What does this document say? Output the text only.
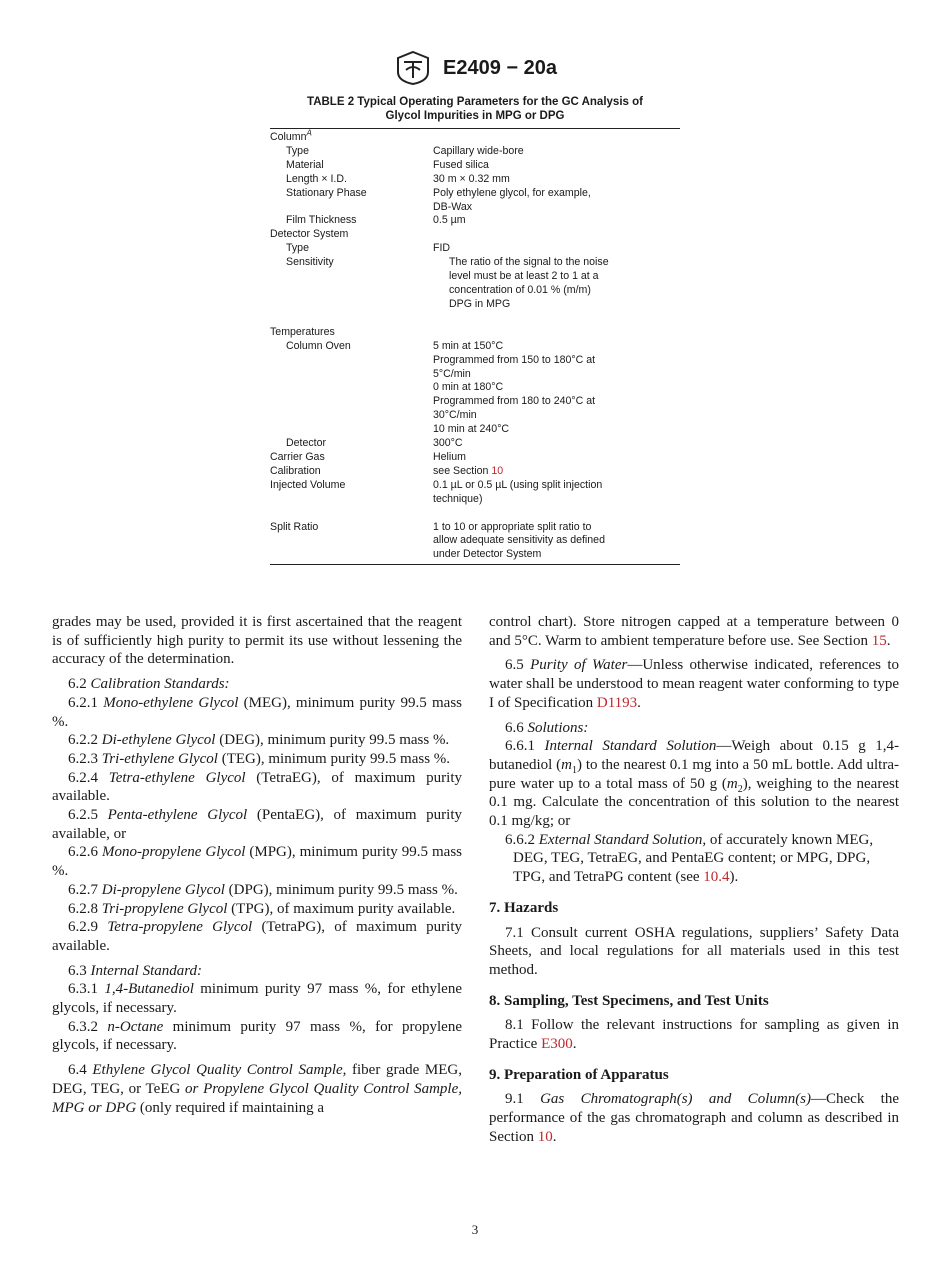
E2409 − 20a
TABLE 2 Typical Operating Parameters for the GC Analysis of
Glycol Impurities in MPG or DPG
Column$^A$
Type	Capillary wide-bore
Material	Fused silica
Length × I.D.	30 m × 0.32 mm
Stationary Phase	Poly ethylene glycol, for example,
DB-Wax
Film Thickness	0.5 µm
Detector System
Type	FID
Sensitivity	The ratio of the signal to the noise
level must be at least 2 to 1 at a
concentration of 0.01 % (m/m)
DPG in MPG
Temperatures
Column Oven	5 min at 150°C
Programmed from 150 to 180°C at
5°C/min
0 min at 180°C
Programmed from 180 to 240°C at
30°C/min
10 min at 240°C
Detector	300°C
Carrier Gas	Helium
Calibration	see Section 10
Injected Volume	0.1 µL or 0.5 µL (using split injection
technique)
Split Ratio	1 to 10 or appropriate split ratio to
allow adequate sensitivity as defined
under Detector System

grades may be used, provided it is first ascertained that the reagent is of sufficiently high purity to permit its use without lessening the accuracy of the determination.

6.2 Calibration Standards:

6.2.1 Mono-ethylene Glycol (MEG), minimum purity 99.5 mass %.

6.2.2 Di-ethylene Glycol (DEG), minimum purity 99.5 mass %.

6.2.3 Tri-ethylene Glycol (TEG), minimum purity 99.5 mass %.

6.2.4 Tetra-ethylene Glycol (TetraEG), of maximum purity available.

6.2.5 Penta-ethylene Glycol (PentaEG), of maximum purity available, or

6.2.6 Mono-propylene Glycol (MPG), minimum purity 99.5 mass %.

6.2.7 Di-propylene Glycol (DPG), minimum purity 99.5 mass %.

6.2.8 Tri-propylene Glycol (TPG), of maximum purity available.

6.2.9 Tetra-propylene Glycol (TetraPG), of maximum purity available.

6.3 Internal Standard:

6.3.1 1,4-Butanediol minimum purity 97 mass %, for ethylene glycols, if necessary.

6.3.2 n-Octane minimum purity 97 mass %, for propylene glycols, if necessary.

6.4 Ethylene Glycol Quality Control Sample, fiber grade MEG, DEG, TEG, or TeEG or Propylene Glycol Quality Control Sample, MPG or DPG (only required if maintaining a

control chart). Store nitrogen capped at a temperature between 0 and 5°C. Warm to ambient temperature before use. See Section 15.

6.5 Purity of Water—Unless otherwise indicated, references to water shall be understood to mean reagent water conforming to type I of Specification D1193.

6.6 Solutions:

6.6.1 Internal Standard Solution—Weigh about 0.15 g 1,4-butanediol $(m_1)$ to the nearest 0.1 mg into a 50 mL bottle. Add ultra-pure water up to a total mass of 50 g $(m_2)$, weighing to the nearest 0.1 mg. Calculate the concentration of this solution to the nearest 0.1 mg/kg; or

6.6.2 External Standard Solution, of accurately known MEG, DEG, TEG, TetraEG, and PentaEG content; or MPG, DPG, TPG, and TetraPG content (see 10.4).

7. Hazards

7.1 Consult current OSHA regulations, suppliers’ Safety Data Sheets, and local regulations for all materials used in this test method.

8. Sampling, Test Specimens, and Test Units

8.1 Follow the relevant instructions for sampling as given in Practice E300.

9. Preparation of Apparatus

9.1 Gas Chromatograph(s) and Column(s)—Check the performance of the gas chromatograph and column as described in Section 10.

3
